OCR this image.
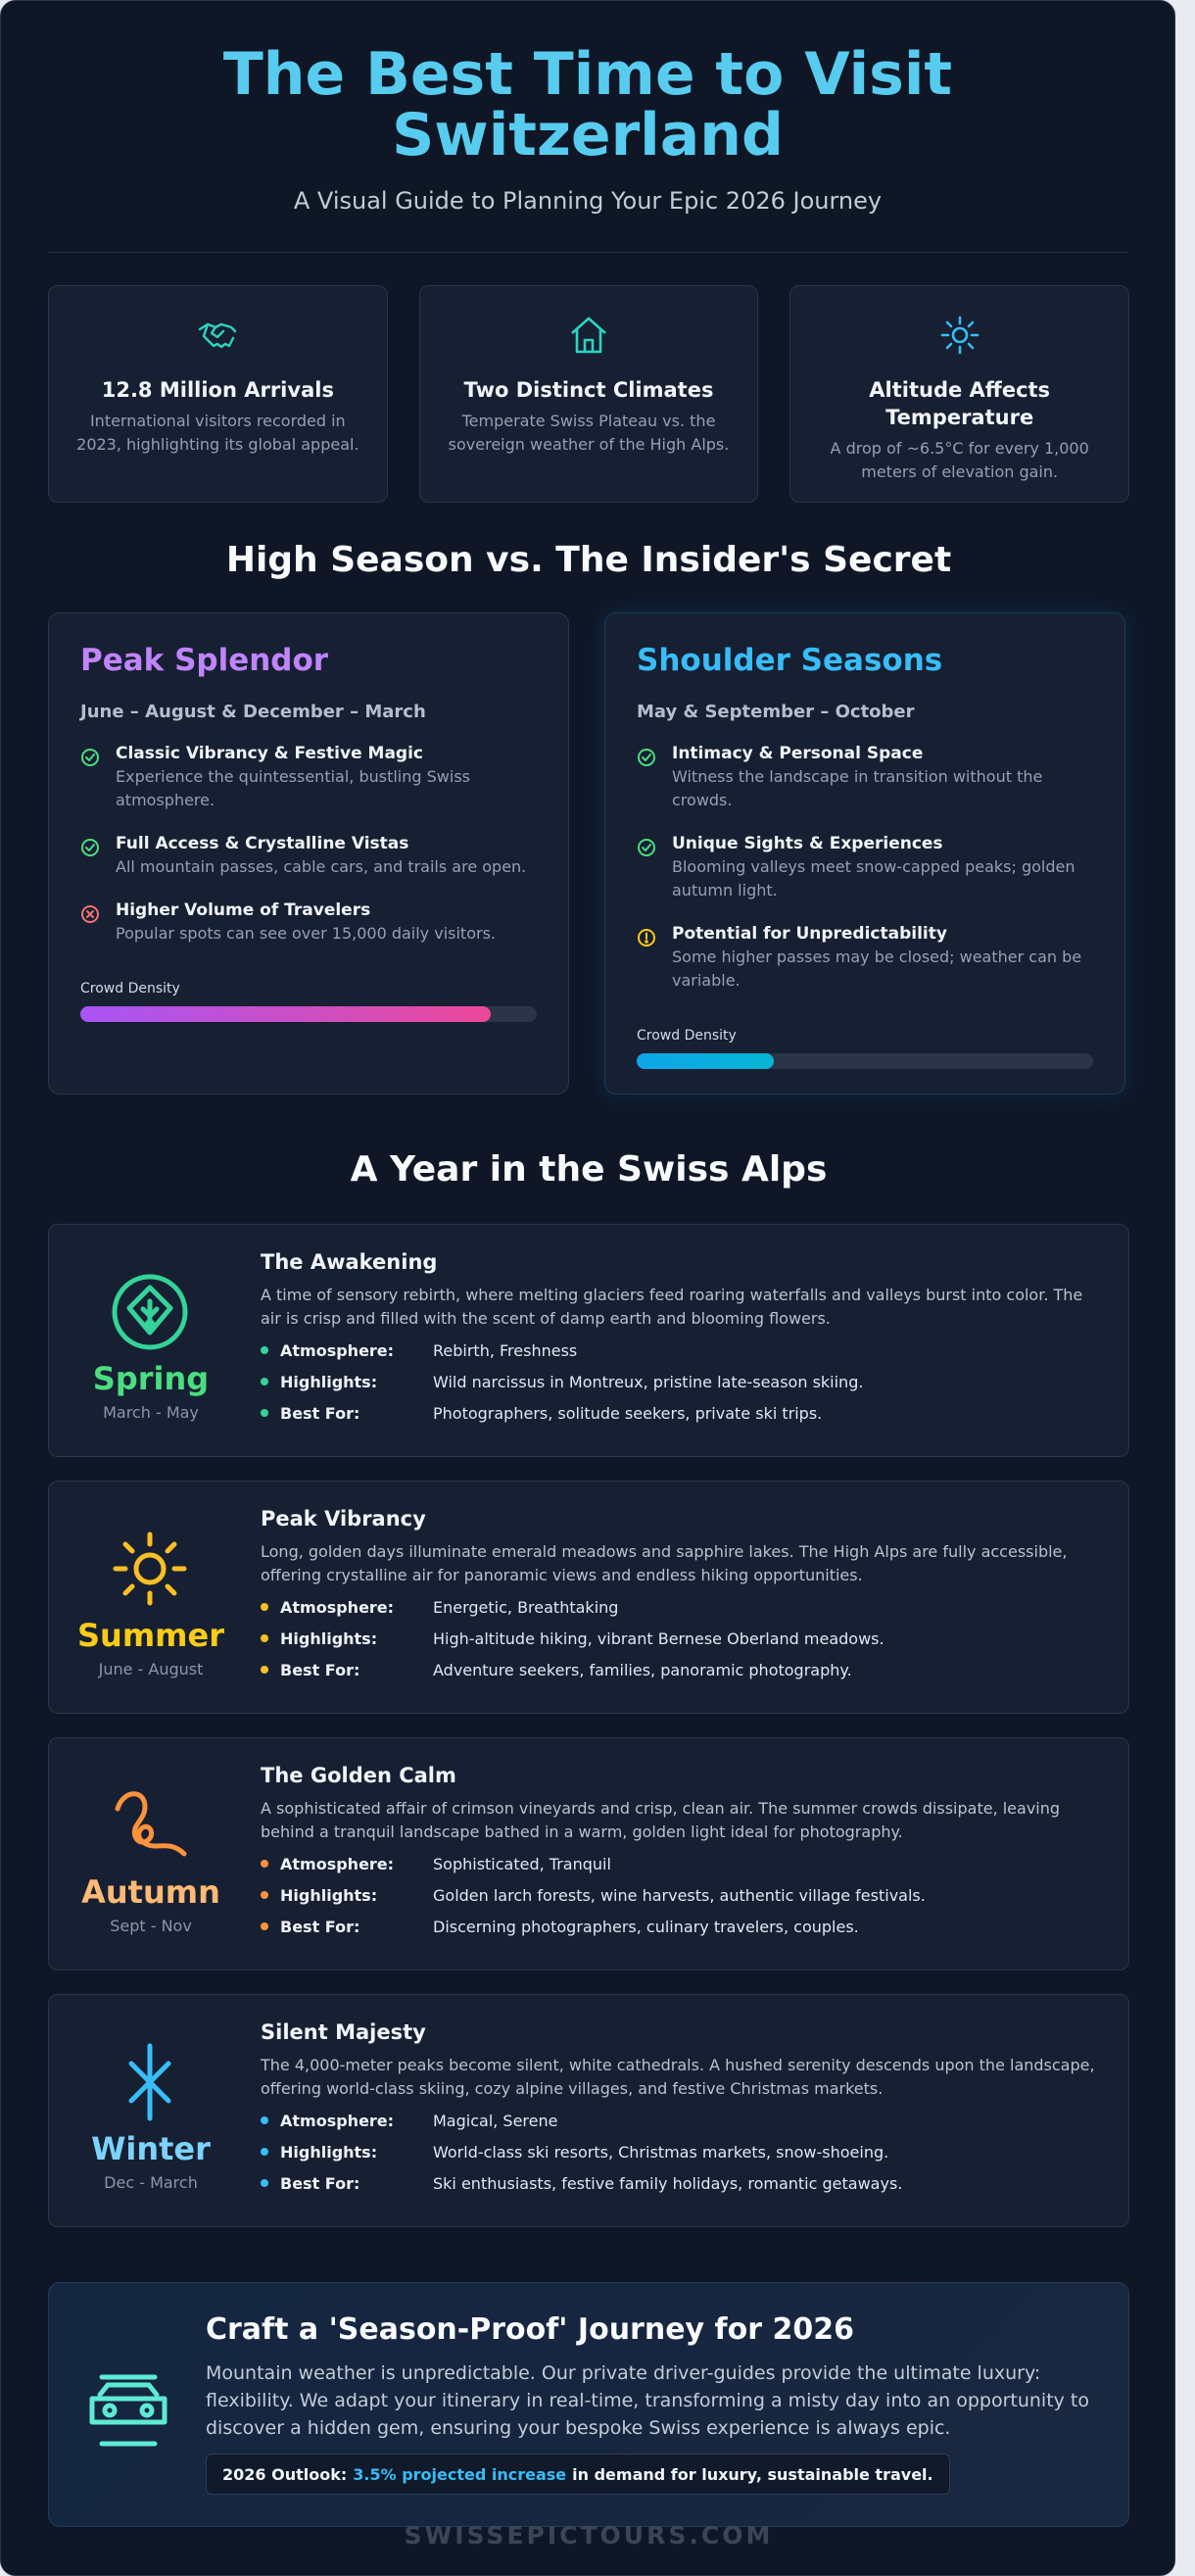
The Best Time to Visit Switzerland
A Visual Guide to Planning Your Epic 2026 Journey
12.8 Million Arrivals

International visitors recorded in 2023, highlighting its global appeal.

Two Distinct Climates

Temperate Swiss Plateau vs. the sovereign weather of the High Alps.

Altitude Affects Temperature

A drop of ~6.5°C for every 1,000 meters of elevation gain.

High Season vs. The Insider's Secret
Peak Splendor
June – August & December – March
Classic Vibrancy & Festive Magic
Experience the quintessential, bustling Swiss atmosphere.
Full Access & Crystalline Vistas
All mountain passes, cable cars, and trails are open.
Higher Volume of Travelers
Popular spots can see over 15,000 daily visitors.
Crowd Density
Shoulder Seasons
May & September – October
Intimacy & Personal Space
Witness the landscape in transition without the crowds.
Unique Sights & Experiences
Blooming valleys meet snow-capped peaks; golden autumn light.
Potential for Unpredictability
Some higher passes may be closed; weather can be variable.
Crowd Density
A Year in the Swiss Alps
Spring
March - May
The Awakening
A time of sensory rebirth, where melting glaciers feed roaring waterfalls and valleys burst into color. The air is crisp and filled with the scent of damp earth and blooming flowers.
Atmosphere:	Rebirth, Freshness
Highlights:	Wild narcissus in Montreux, pristine late-season skiing.
Best For:	Photographers, solitude seekers, private ski trips.
Summer
June - August
Peak Vibrancy
Long, golden days illuminate emerald meadows and sapphire lakes. The High Alps are fully accessible, offering crystalline air for panoramic views and endless hiking opportunities.
Atmosphere:	Energetic, Breathtaking
Highlights:	High-altitude hiking, vibrant Bernese Oberland meadows.
Best For:	Adventure seekers, families, panoramic photography.
Autumn
Sept - Nov
The Golden Calm
A sophisticated affair of crimson vineyards and crisp, clean air. The summer crowds dissipate, leaving behind a tranquil landscape bathed in a warm, golden light ideal for photography.
Atmosphere:	Sophisticated, Tranquil
Highlights:	Golden larch forests, wine harvests, authentic village festivals.
Best For:	Discerning photographers, culinary travelers, couples.
Winter
Dec - March
Silent Majesty
The 4,000-meter peaks become silent, white cathedrals. A hushed serenity descends upon the landscape, offering world-class skiing, cozy alpine villages, and festive Christmas markets.
Atmosphere:	Magical, Serene
Highlights:	World-class ski resorts, Christmas markets, snow-shoeing.
Best For:	Ski enthusiasts, festive family holidays, romantic getaways.
Craft a 'Season-Proof' Journey for 2026
Mountain weather is unpredictable. Our private driver-guides provide the ultimate luxury: flexibility. We adapt your itinerary in real-time, transforming a misty day into an opportunity to discover a hidden gem, ensuring your bespoke Swiss experience is always epic.
2026 Outlook: 3.5% projected increase in demand for luxury, sustainable travel.
SWISSEPICTOURS.COM
